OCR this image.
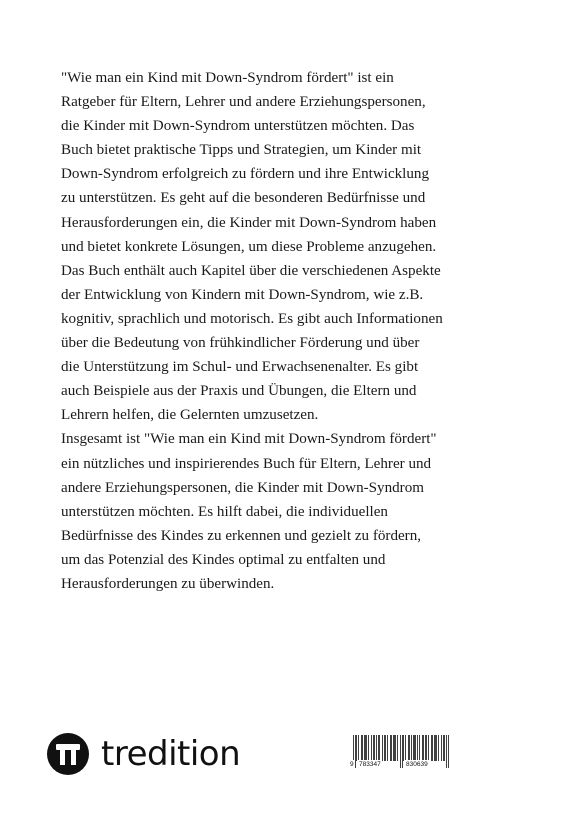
"Wie man ein Kind mit Down-Syndrom fördert" ist ein
Ratgeber für Eltern, Lehrer und andere Erziehungspersonen,
die Kinder mit Down-Syndrom unterstützen möchten. Das
Buch bietet praktische Tipps und Strategien, um Kinder mit
Down-Syndrom erfolgreich zu fördern und ihre Entwicklung
zu unterstützen. Es geht auf die besonderen Bedürfnisse und
Herausforderungen ein, die Kinder mit Down-Syndrom haben
und bietet konkrete Lösungen, um diese Probleme anzugehen.
Das Buch enthält auch Kapitel über die verschiedenen Aspekte
der Entwicklung von Kindern mit Down-Syndrom, wie z.B.
kognitiv, sprachlich und motorisch. Es gibt auch Informationen
über die Bedeutung von frühkindlicher Förderung und über
die Unterstützung im Schul- und Erwachsenenalter. Es gibt
auch Beispiele aus der Praxis und Übungen, die Eltern und
Lehrern helfen, die Gelernten umzusetzen.
Insgesamt ist "Wie man ein Kind mit Down-Syndrom fördert"
ein nützliches und inspirierendes Buch für Eltern, Lehrer und
andere Erziehungspersonen, die Kinder mit Down-Syndrom
unterstützen möchten. Es hilft dabei, die individuellen
Bedürfnisse des Kindes zu erkennen und gezielt zu fördern,
um das Potenzial des Kindes optimal zu entfalten und
Herausforderungen zu überwinden.
tredition	9 783347	830639
